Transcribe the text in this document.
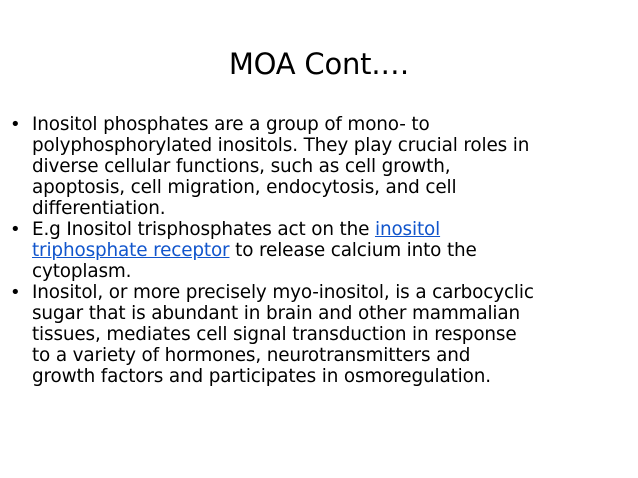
MOA Cont.…
• Inositol phosphates are a group of mono- to
polyphosphorylated inositols. They play crucial roles in
diverse cellular functions, such as cell growth,
apoptosis, cell migration, endocytosis, and cell
differentiation.
• E.g Inositol trisphosphates act on the inositol
triphosphate receptor to release calcium into the
cytoplasm.
• Inositol, or more precisely myo-inositol, is a carbocyclic
sugar that is abundant in brain and other mammalian
tissues, mediates cell signal transduction in response
to a variety of hormones, neurotransmitters and
growth factors and participates in osmoregulation.
